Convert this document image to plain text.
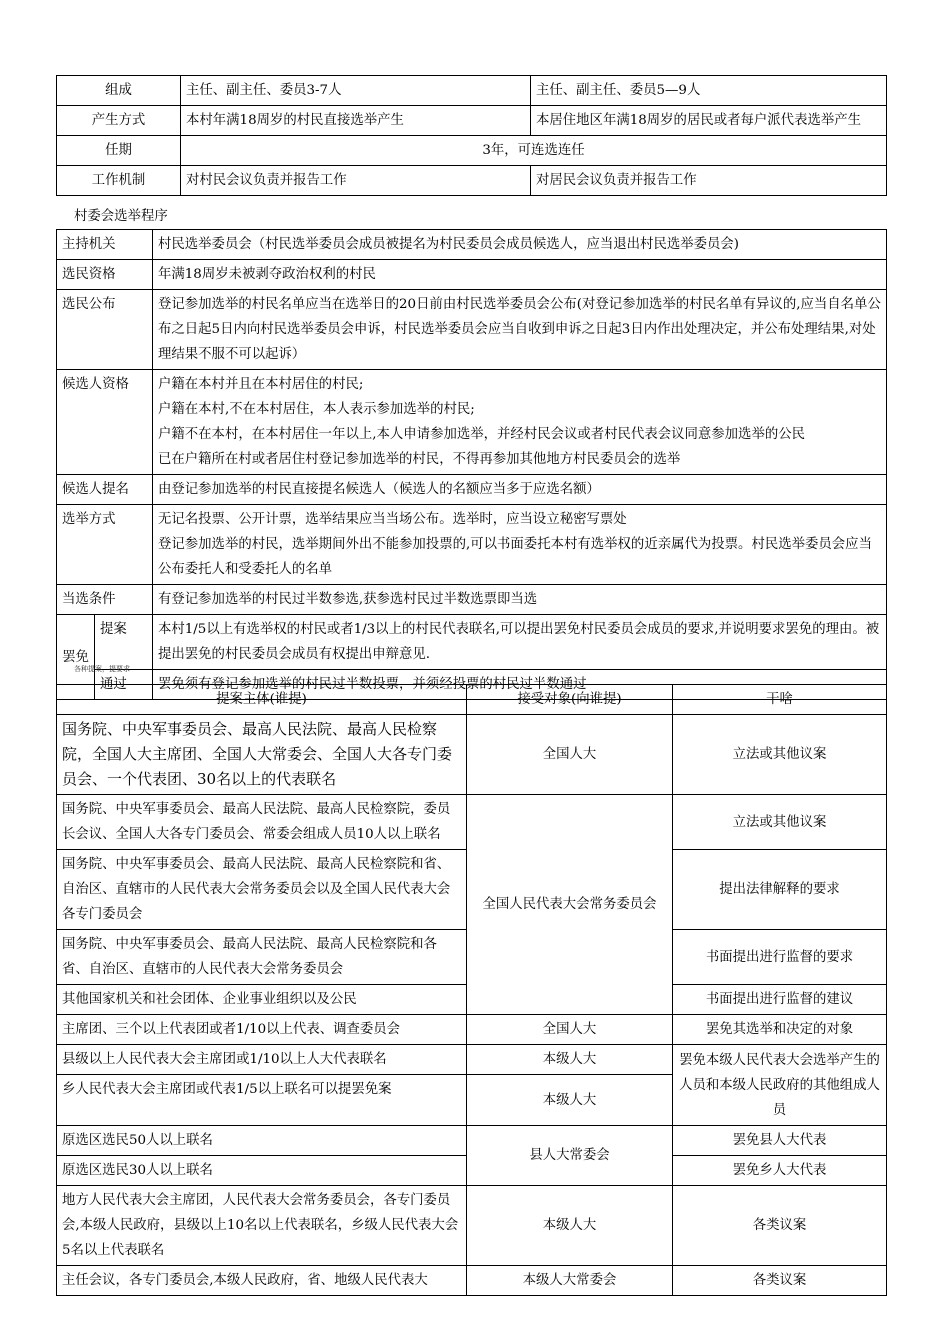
组成	主任、副主任、委员3-7人	主任、副主任、委员5—9人
产生方式	本村年满18周岁的村民直接选举产生	本居住地区年满18周岁的居民或者每户派代表选举产生
任期	3年，可连选连任	
工作机制	对村民会议负责并报告工作	对居民会议负责并报告工作
村委会选举程序
主持机关		村民选举委员会（村民选举委员会成员被提名为村民委员会成员候选人，应当退出村民选举委员会)
选民资格		年满18周岁未被剥夺政治权利的村民
选民公布		登记参加选举的村民名单应当在选举日的20日前由村民选举委员会公布(对登记参加选举的村民名单有异议的,应当自名单公布之日起5日内向村民选举委员会申诉，村民选举委员会应当自收到申诉之日起3日内作出处理决定，并公布处理结果,对处理结果不服不可以起诉）
候选人资格		户籍在本村并且在本村居住的村民;
户籍在本村,不在本村居住，本人表示参加选举的村民;
户籍不在本村，在本村居住一年以上,本人申请参加选举，并经村民会议或者村民代表会议同意参加选举的公民
已在户籍所在村或者居住村登记参加选举的村民，不得再参加其他地方村民委员会的选举

候选人提名		由登记参加选举的村民直接提名候选人（候选人的名额应当多于应选名额）
选举方式		无记名投票、公开计票，选举结果应当当场公布。选举时，应当设立秘密写票处
登记参加选举的村民，选举期间外出不能参加投票的,可以书面委托本村有选举权的近亲属代为投票。村民选举委员会应当公布委托人和受委托人的名单

当选条件		有登记参加选举的村民过半数参选,获参选村民过半数选票即当选
罢免	提案	本村1/5以上有选举权的村民或者1/3以上的村民代表联名,可以提出罢免村民委员会成员的要求,并说明要求罢免的理由。被提出罢免的村民委员会成员有权提出申辩意见.
	通过	罢免须有登记参加选举的村民过半数投票，并须经投票的村民过半数通过
各种提案，提要求
提案主体(谁提)	接受对象(向谁提)	干啥
国务院、中央军事委员会、最高人民法院、最高人民检察院，全国人大主席团、全国人大常委会、全国人大各专门委员会、一个代表团、30名以上的代表联名	全国人大	立法或其他议案
国务院、中央军事委员会、最高人民法院、最高人民检察院，委员长会议、全国人大各专门委员会、常委会组成人员10人以上联名	全国人民代表大会常务委员会	立法或其他议案
国务院、中央军事委员会、最高人民法院、最高人民检察院和省、自治区、直辖市的人民代表大会常务委员会以及全国人民代表大会各专门委员会		提出法律解释的要求
国务院、中央军事委员会、最高人民法院、最高人民检察院和各省、自治区、直辖市的人民代表大会常务委员会		书面提出进行监督的要求
其他国家机关和社会团体、企业事业组织以及公民		书面提出进行监督的建议
主席团、三个以上代表团或者1/10以上代表、调查委员会	全国人大	罢免其选举和决定的对象
县级以上人民代表大会主席团或1/10以上人大代表联名	本级人大	罢免本级人民代表大会选举产生的人员和本级人民政府的其他组成人员
乡人民代表大会主席团或代表1/5以上联名可以提罢免案	本级人大	
原选区选民50人以上联名	县人大常委会	罢免县人大代表
原选区选民30人以上联名		罢免乡人大代表
地方人民代表大会主席团，人民代表大会常务委员会，各专门委员会,本级人民政府，县级以上10名以上代表联名，乡级人民代表大会5名以上代表联名	本级人大	各类议案
主任会议，各专门委员会,本级人民政府，省、地级人民代表大	本级人大常委会	各类议案
